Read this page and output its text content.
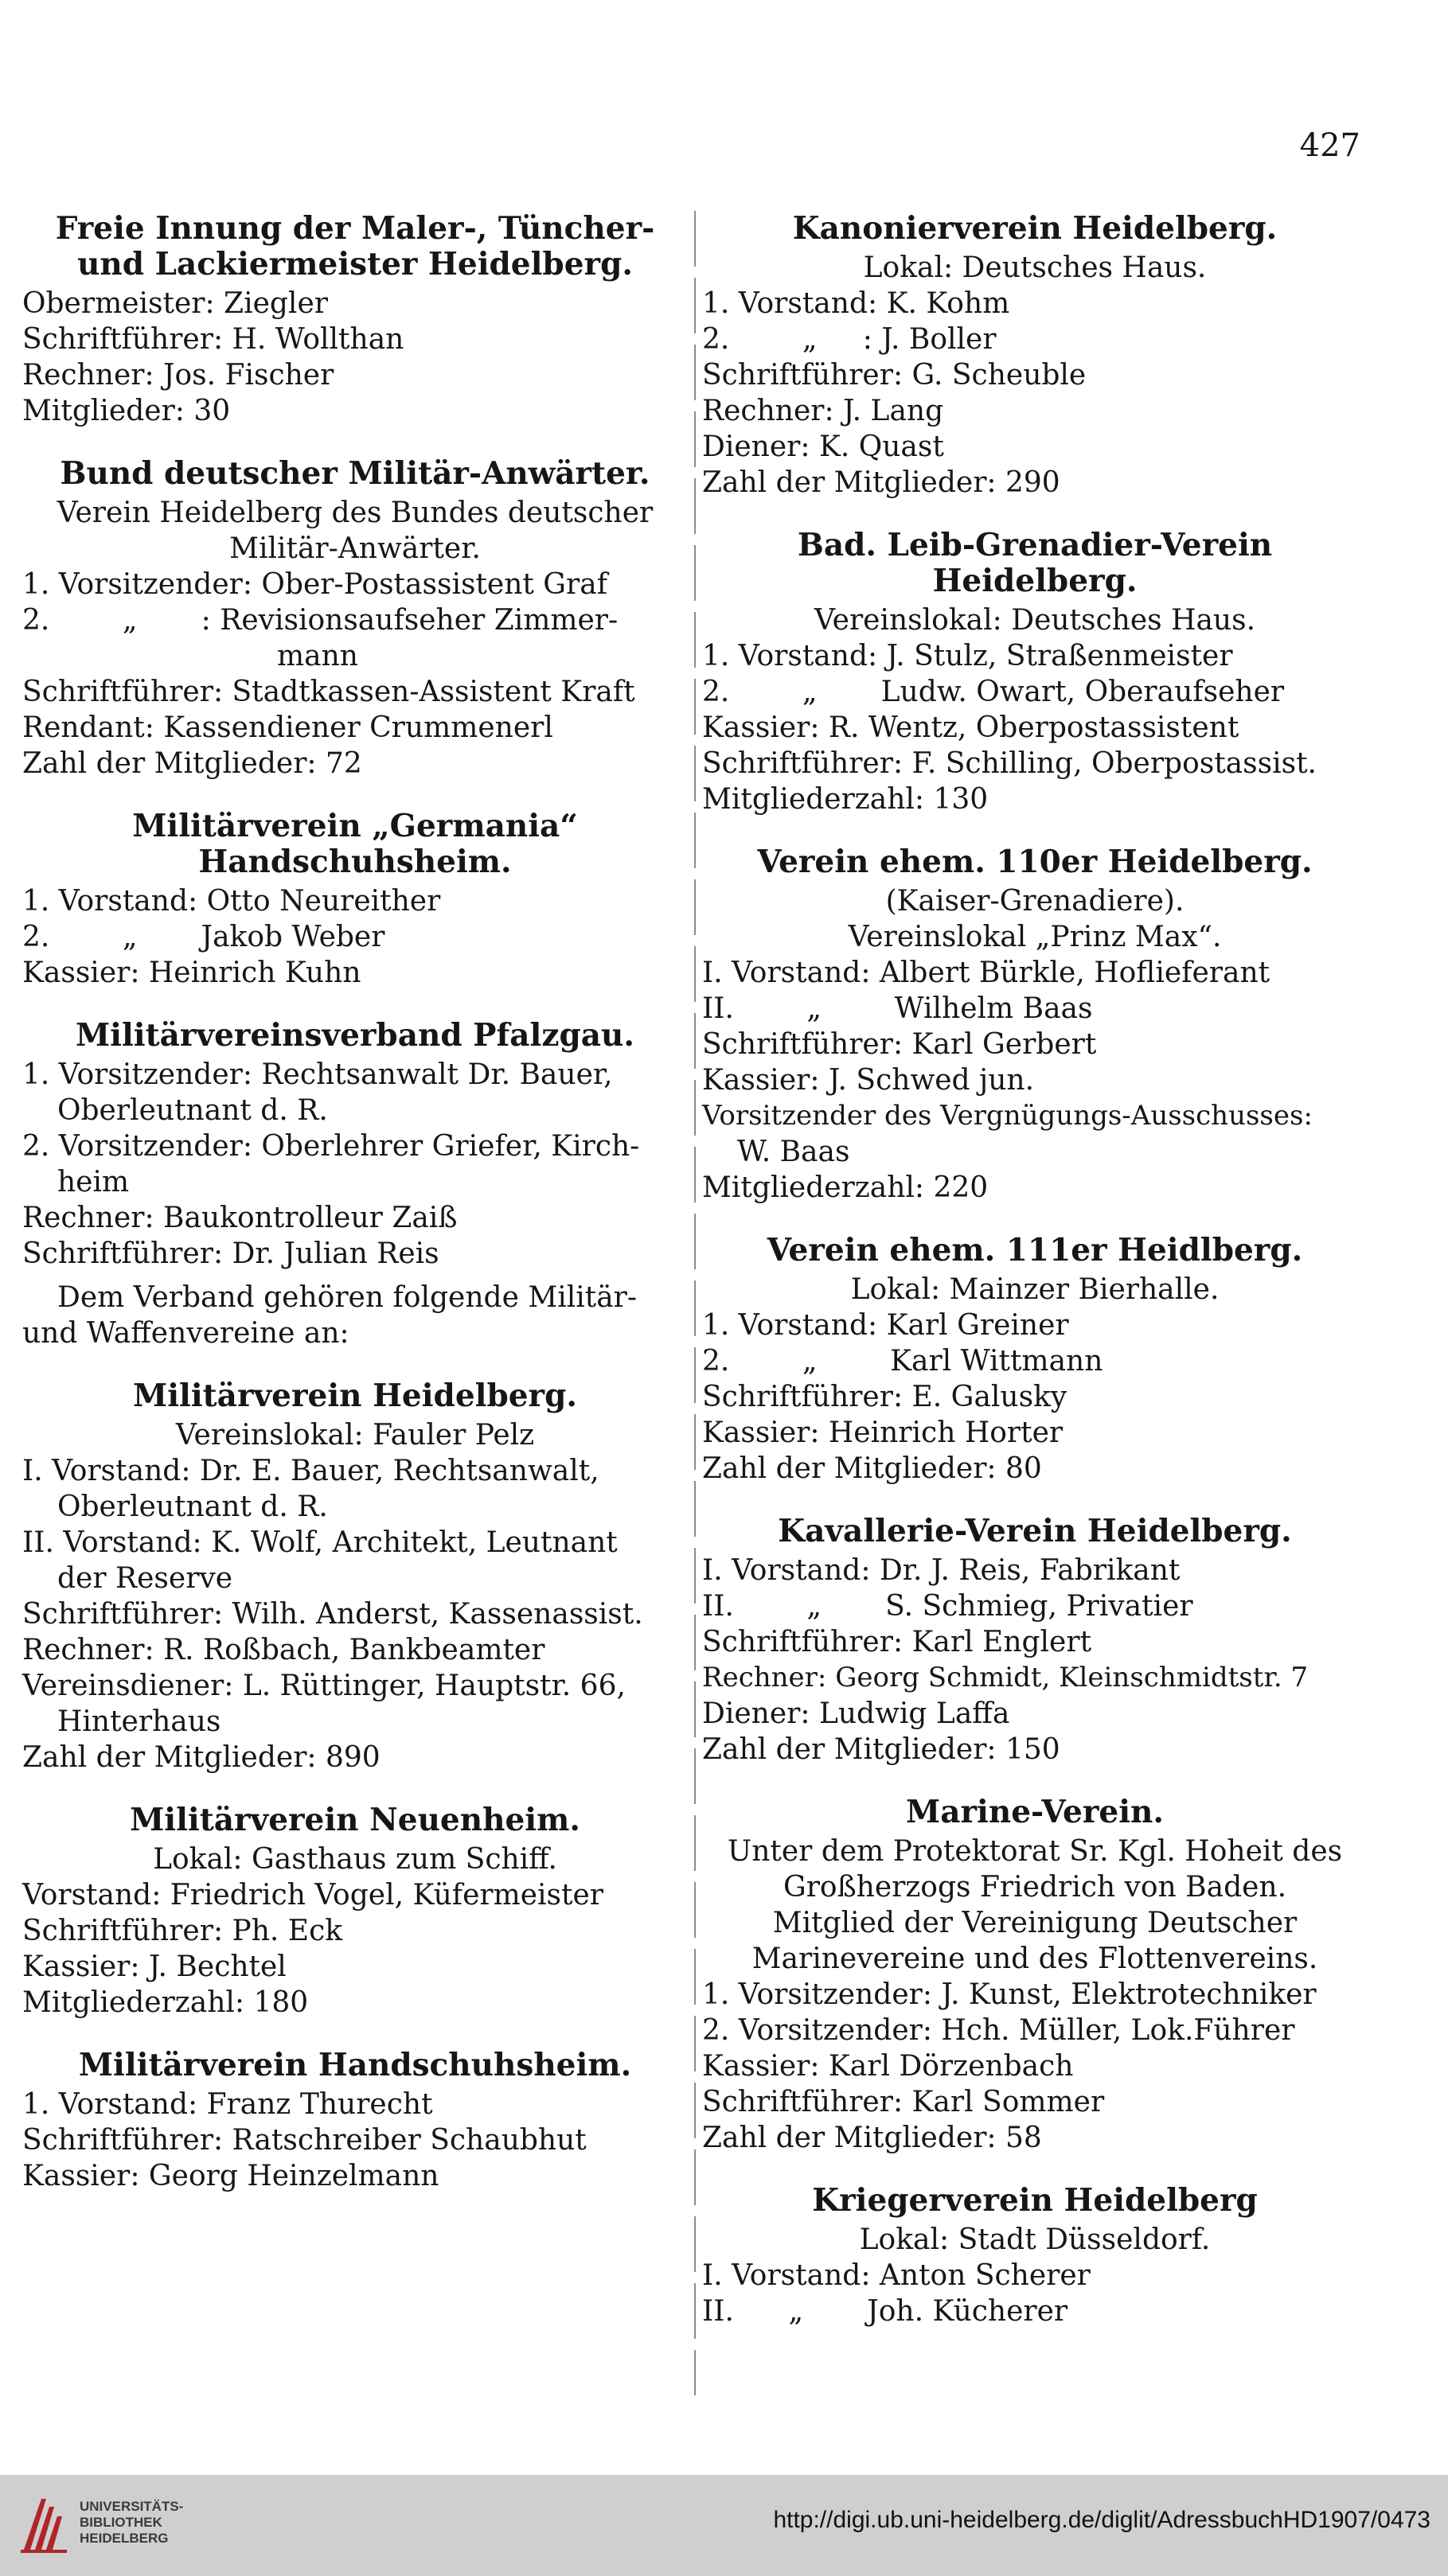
427
Freie Innung der Maler-, Tüncher- und Lackiermeister Heidelberg.
Obermeister: Ziegler
Schriftführer: H. Wollthan
Rechner: Jos. Fischer
Mitglieder: 30
Bund deutscher Militär-Anwärter.
Verein Heidelberg des Bundes deutscher Militär-Anwärter.
1. Vorsitzender: Ober-Postassistent Graf
2.        „       : Revisionsaufseher Zimmer-
mann
Schriftführer: Stadtkassen-Assistent Kraft
Rendant: Kassendiener Crummenerl
Zahl der Mitglieder: 72
Militärverein „Germania“ Handschuhsheim.
1. Vorstand: Otto Neureither
2.        „       Jakob Weber
Kassier: Heinrich Kuhn
Militärvereinsverband Pfalzgau.
1. Vorsitzender: Rechtsanwalt Dr. Bauer,
Oberleutnant d. R.
2. Vorsitzender: Oberlehrer Griefer, Kirch-
heim
Rechner: Baukontrolleur Zaiß
Schriftführer: Dr. Julian Reis
Dem Verband gehören folgende Militär- und Waffenvereine an:
Militärverein Heidelberg.
Vereinslokal: Fauler Pelz
I. Vorstand: Dr. E. Bauer, Rechtsanwalt,
Oberleutnant d. R.
II. Vorstand: K. Wolf, Architekt, Leutnant
der Reserve
Schriftführer: Wilh. Anderst, Kassenassist.
Rechner: R. Roßbach, Bankbeamter
Vereinsdiener: L. Rüttinger, Hauptstr. 66,
Hinterhaus
Zahl der Mitglieder: 890
Militärverein Neuenheim.
Lokal: Gasthaus zum Schiff.
Vorstand: Friedrich Vogel, Küfermeister
Schriftführer: Ph. Eck
Kassier: J. Bechtel
Mitgliederzahl: 180
Militärverein Handschuhsheim.
1. Vorstand: Franz Thurecht
Schriftführer: Ratschreiber Schaubhut
Kassier: Georg Heinzelmann
Kanonierverein Heidelberg.
Lokal: Deutsches Haus.
1. Vorstand: K. Kohm
2.        „     : J. Boller
Schriftführer: G. Scheuble
Rechner: J. Lang
Diener: K. Quast
Zahl der Mitglieder: 290
Bad. Leib-Grenadier-Verein Heidelberg.
Vereinslokal: Deutsches Haus.
1. Vorstand: J. Stulz, Straßenmeister
2.        „       Ludw. Owart, Oberaufseher
Kassier: R. Wentz, Oberpostassistent
Schriftführer: F. Schilling, Oberpostassist.
Mitgliederzahl: 130
Verein ehem. 110er Heidelberg.
(Kaiser-Grenadiere).
Vereinslokal „Prinz Max“.
I. Vorstand: Albert Bürkle, Hoflieferant
II.        „        Wilhelm Baas
Schriftführer: Karl Gerbert
Kassier: J. Schwed jun.
Vorsitzender des Vergnügungs-Ausschusses:
W. Baas
Mitgliederzahl: 220
Verein ehem. 111er Heidlberg.
Lokal: Mainzer Bierhalle.
1. Vorstand: Karl Greiner
2.        „        Karl Wittmann
Schriftführer: E. Galusky
Kassier: Heinrich Horter
Zahl der Mitglieder: 80
Kavallerie-Verein Heidelberg.
I. Vorstand: Dr. J. Reis, Fabrikant
II.        „       S. Schmieg, Privatier
Schriftführer: Karl Englert
Rechner: Georg Schmidt, Kleinschmidtstr. 7
Diener: Ludwig Laffa
Zahl der Mitglieder: 150
Marine-Verein.
Unter dem Protektorat Sr. Kgl. Hoheit des Großherzogs Friedrich von Baden.
Mitglied der Vereinigung Deutscher Marinevereine und des Flottenvereins.
1. Vorsitzender: J. Kunst, Elektrotechniker
2. Vorsitzender: Hch. Müller, Lok.Führer
Kassier: Karl Dörzenbach
Schriftführer: Karl Sommer
Zahl der Mitglieder: 58
Kriegerverein Heidelberg
Lokal: Stadt Düsseldorf.
I. Vorstand: Anton Scherer
II.      „       Joh. Kücherer
UNIVERSITÄTS-
BIBLIOTHEK
HEIDELBERG
http://digi.ub.uni-heidelberg.de/diglit/AdressbuchHD1907/0473
